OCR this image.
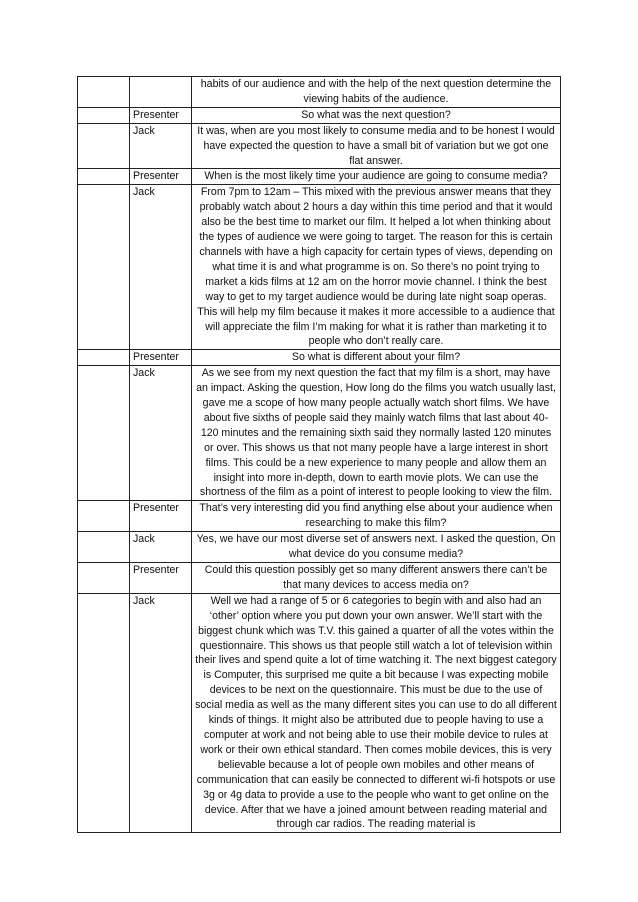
		habits of our audience and with the help of the next question determine the viewing habits of the audience.
	Presenter	So what was the next question?
	Jack	It was, when are you most likely to consume media and to be honest I would have expected the question to have a small bit of variation but we got one flat answer.
	Presenter	When is the most likely time your audience are going to consume media?
	Jack	From 7pm to 12am – This mixed with the previous answer means that they probably watch about 2 hours a day within this time period and that it would also be the best time to market our film. It helped a lot when thinking about the types of audience we were going to target. The reason for this is certain channels with have a high capacity for certain types of views, depending on what time it is and what programme is on. So there’s no point trying to market a kids films at 12 am on the horror movie channel. I think the best way to get to my target audience would be during late night soap operas. This will help my film because it makes it more accessible to a audience that will appreciate the film I’m making for what it is rather than marketing it to people who don’t really care.
	Presenter	So what is different about your film?
	Jack	As we see from my next question the fact that my film is a short, may have an impact. Asking the question, How long do the films you watch usually last, gave me a scope of how many people actually watch short films. We have about five sixths of people said they mainly watch films that last about 40-120 minutes and the remaining sixth said they normally lasted 120 minutes or over. This shows us that not many people have a large interest in short films. This could be a new experience to many people and allow them an insight into more in-depth, down to earth movie plots. We can use the shortness of the film as a point of interest to people looking to view the film.
	Presenter	That’s very interesting did you find anything else about your audience when researching to make this film?
	Jack	Yes, we have our most diverse set of answers next. I asked the question, On what device do you consume media?
	Presenter	Could this question possibly get so many different answers there can’t be that many devices to access media on?
	Jack	Well we had a range of 5 or 6 categories to begin with and also had an ‘other’ option where you put down your own answer. We’ll start with the biggest chunk which was T.V. this gained a quarter of all the votes within the questionnaire. This shows us that people still watch a lot of television within their lives and spend quite a lot of time watching it. The next biggest category is Computer, this surprised me quite a bit because I was expecting mobile devices to be next on the questionnaire. This must be due to the use of social media as well as the many different sites you can use to do all different kinds of things. It might also be attributed due to people having to use a computer at work and not being able to use their mobile device to rules at work or their own ethical standard. Then comes mobile devices, this is very believable because a lot of people own mobiles and other means of communication that can easily be connected to different wi-fi hotspots or use 3g or 4g data to provide a use to the people who want to get online on the device. After that we have a joined amount between reading material and through car radios. The reading material is
